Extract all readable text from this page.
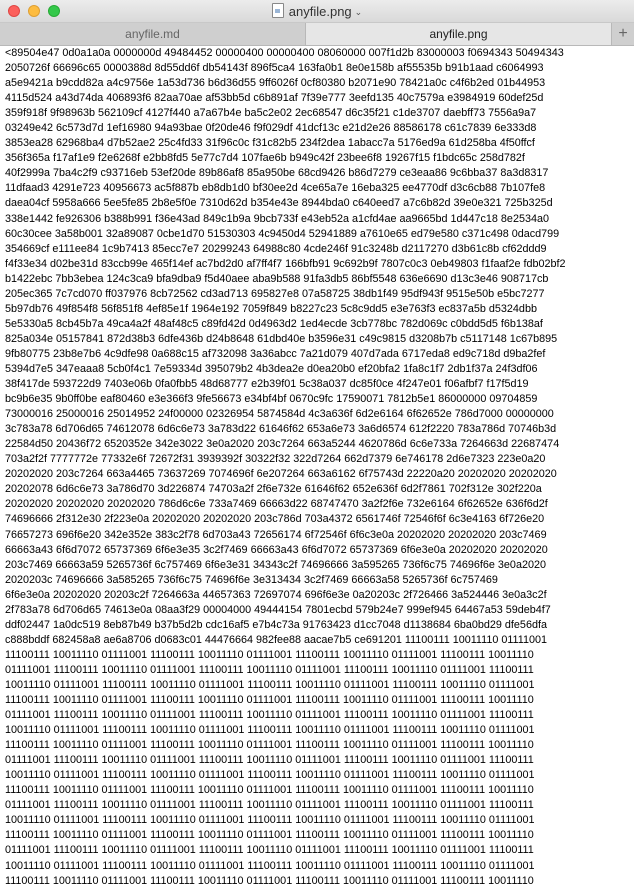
anyfile.png ⌄
anyfile.md	anyfile.png	+

<89504e47 0d0a1a0a 0000000d 49484452 00000400 00000400 08060000 007f1d2b 83000003 f0694343 50494343

2050726f 66696c65 0000388d 8d55dd6f db54143f 896f5ca4 163fa0b1 8e0e158b af55535b b91b1aad c6064993

a5e9421a b9cdd82a a4c9756e 1a53d736 b6d36d55 9ff6026f 0cf80380 b2071e90 78421a0c c4f6b2ed 01b44953

4115d524 a43d74da 406893f6 82aa70ae af53bb5d c6b891af 7f39e777 3eefd135 40c7579a e3984919 60def25d

359f918f 9f98963b 562109cf 4127f440 a7a67b4e ba5c2e02 2ec68547 d6c35f21 c1de3707 daebff73 7556a9a7

03249e42 6c573d7d 1ef16980 94a93bae 0f20de46 f9f029df 41dcf13c e21d2e26 88586178 c61c7839 6e333d8

3853ea28 62968ba4 d7b52ae2 25c4fd33 31f96c0c f31c82b5 234f2dea 1abacc7a 5176ed9a 61d258ba 4f50ffcf

356f365a f17af1e9 f2e6268f e2bb8fd5 5e77c7d4 107fae6b b949c42f 23bee6f8 19267f15 f1bdc65c 258d782f

40f2999a 7ba4c2f9 c93716eb 53ef20de 89b86af8 85a950be 68cd9426 b86d7279 ce3eaa86 9c6bba37 8a3d8317

11dfaad3 4291e723 40956673 ac5f887b eb8db1d0 bf30ee2d 4ce65a7e 16eba325 ee4770df d3c6cb88 7b107fe8

daea04cf 5958a666 5ee5fe85 2b8e5f0e 7310d62d b354e43e 8944bda0 c640eed7 a7c6b82d 39e0e321 725b325d

338e1442 fe926306 b388b991 f36e43ad 849c1b9a 9bcb733f e43eb52a a1cfd4ae aa9665bd 1d447c18 8e2534a0

60c30cee 3a58b001 32a89087 0cbe1d70 51530303 4c9450d4 52941889 a7610e65 ed79e580 c371c498 0dacd799

354669cf e111ee84 1c9b7413 85ecc7e7 20299243 64988c80 4cde246f 91c3248b d2117270 d3b61c8b cf62ddd9

f4f33e34 d02be31d 83ccb99e 465f14ef ac7bd2d0 af7ff4f7 166bfb91 9c692b9f 7807c0c3 0eb49803 f1faaf2e fdb02bf2

b1422ebc 7bb3ebea 124c3ca9 bfa9dba9 f5d40aee aba9b588 91fa3db5 86bf5548 636e6690 d13c3e46 908717cb

205ec365 7c7cd070 ff037976 8cb72562 cd3ad713 695827e8 07a58725 38db1f49 95df943f 9515e50b e5bc7277

5b97db76 49f854f8 56f851f8 4ef85e1f 1964e192 7059f849 b8227c23 5c8c9dd5 e3e763f3 ec837a5b d5324dbb

5e5330a5 8cb45b7a 49ca4a2f 48af48c5 c89fd42d 0d4963d2 1ed4ecde 3cb778bc 782d069c c0bdd5d5 f6b138af

825a034e 05157841 872d38b3 6dfe436b d24b8648 61dbd40e b3596e31 c49c9815 d3208b7b c5117148 1c67b895

9fb80775 23b8e7b6 4c9dfe98 0a688c15 af732098 3a36abcc 7a21d079 407d7ada 6717eda8 ed9c718d d9ba2fef

5394d7e5 347eaaa8 5cb0f4c1 7e59334d 395079b2 4b3dea2e d0ea20b0 ef20bfa2 1fa8c1f7 2db1f37a 24f3df06

38f417de 593722d9 7403e06b 0fa0fbb5 48d68777 e2b39f01 5c38a037 dc85f0ce 4f247e01 f06afbf7 f17f5d19

bc9b6e35 9b0ff0be eaf80460 e3e366f3 9fe56673 e34bf4bf 0670c9fc 17590071 7812b5e1 86000000 09704859

73000016 25000016 25014952 24f00000 02326954 5874584d 4c3a636f 6d2e6164 6f62652e 786d7000 00000000

3c783a78 6d706d65 74612078 6d6c6e73 3a783d22 61646f62 653a6e73 3a6d6574 612f2220 783a786d 70746b3d

22584d50 20436f72 6520352e 342e3022 3e0a2020 203c7264 663a5244 4620786d 6c6e733a 7264663d 22687474

703a2f2f 7777772e 77332e6f 72672f31 3939392f 30322f32 322d7264 662d7379 6e746178 2d6e7323 223e0a20

20202020 203c7264 663a4465 73637269 7074696f 6e207264 663a6162 6f75743d 22220a20 20202020 20202020

20202078 6d6c6e73 3a786d70 3d226874 74703a2f 2f6e732e 61646f62 652e636f 6d2f7861 702f312e 302f220a

20202020 20202020 20202020 786d6c6e 733a7469 66663d22 68747470 3a2f2f6e 732e6164 6f62652e 636f6d2f

74696666 2f312e30 2f223e0a 20202020 20202020 203c786d 703a4372 6561746f 72546f6f 6c3e4163 6f726e20

76657273 696f6e20 342e352e 383c2f78 6d703a43 72656174 6f72546f 6f6c3e0a 20202020 20202020 203c7469

66663a43 6f6d7072 65737369 6f6e3e35 3c2f7469 66663a43 6f6d7072 65737369 6f6e3e0a 20202020 20202020

203c7469 66663a59 5265736f 6c757469 6f6e3e31 34343c2f 74696666 3a595265 736f6c75 74696f6e 3e0a2020

2020203c 74696666 3a585265 736f6c75 74696f6e 3e313434 3c2f7469 66663a58 5265736f 6c757469

6f6e3e0a 20202020 20203c2f 7264663a 44657363 72697074 696f6e3e 0a20203c 2f726466 3a524446 3e0a3c2f

2f783a78 6d706d65 74613e0a 08aa3f29 00004000 49444154 7801ecbd 579b24e7 999ef945 64467a53 59deb4f7

ddf02447 1a0dc519 8eb87b49 b37b5d2b cdc16af5 e7b4c73a 91763423 d1cc7048 d1138684 6ba0bd29 dfe56dfa

c888bddf 682458a8 ae6a8706 d0683c01 44476664 982fee88 aacae7b5 ce691201 11100111 10011110 01111001

11100111 10011110 01111001 11100111 10011110 01111001 11100111 10011110 01111001 11100111 10011110

01111001 11100111 10011110 01111001 11100111 10011110 01111001 11100111 10011110 01111001 11100111

10011110 01111001 11100111 10011110 01111001 11100111 10011110 01111001 11100111 10011110 01111001

11100111 10011110 01111001 11100111 10011110 01111001 11100111 10011110 01111001 11100111 10011110

01111001 11100111 10011110 01111001 11100111 10011110 01111001 11100111 10011110 01111001 11100111

10011110 01111001 11100111 10011110 01111001 11100111 10011110 01111001 11100111 10011110 01111001

11100111 10011110 01111001 11100111 10011110 01111001 11100111 10011110 01111001 11100111 10011110

01111001 11100111 10011110 01111001 11100111 10011110 01111001 11100111 10011110 01111001 11100111

10011110 01111001 11100111 10011110 01111001 11100111 10011110 01111001 11100111 10011110 01111001

11100111 10011110 01111001 11100111 10011110 01111001 11100111 10011110 01111001 11100111 10011110

01111001 11100111 10011110 01111001 11100111 10011110 01111001 11100111 10011110 01111001 11100111

10011110 01111001 11100111 10011110 01111001 11100111 10011110 01111001 11100111 10011110 01111001

11100111 10011110 01111001 11100111 10011110 01111001 11100111 10011110 01111001 11100111 10011110

01111001 11100111 10011110 01111001 11100111 10011110 01111001 11100111 10011110 01111001 11100111

10011110 01111001 11100111 10011110 01111001 11100111 10011110 01111001 11100111 10011110 01111001

11100111 10011110 01111001 11100111 10011110 01111001 11100111 10011110 01111001 11100111 10011110
